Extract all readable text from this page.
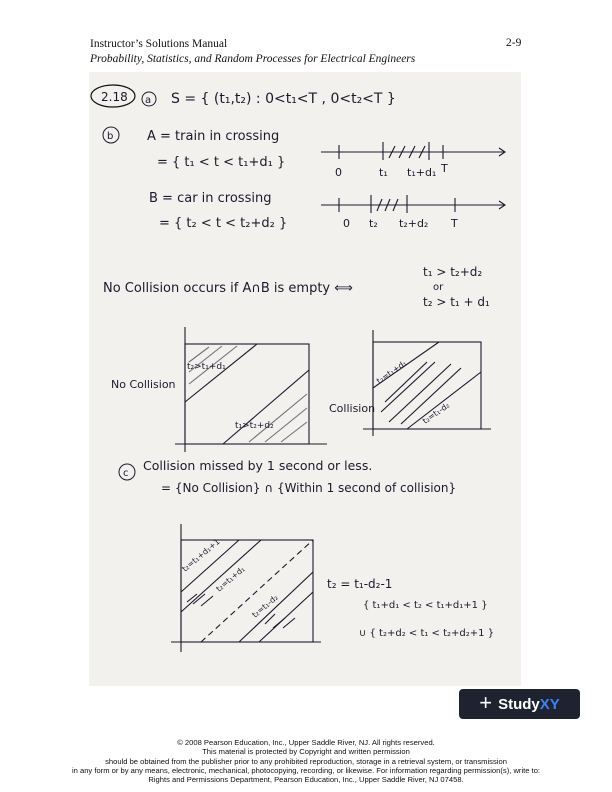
Instructor’s Solutions Manual
Probability, Statistics, and Random Processes for Electrical Engineers
2-9
2.18 a S = { (t₁,t₂) : 0<t₁<T , 0<t₂<T }
b	A = train in crossing
= { t₁ < t < t₁+d₁ }
0	t₁ t₁+d₁ T
B = car in crossing
= { t₂ < t < t₂+d₂ }	0 t₂ t₂+d₂ T
No Collision occurs if A∩B is empty ⟺
t₁ > t₂+d₂
or
t₂ > t₁ + d₁
t₂>t₁+d₁
t₁>t₂+d₂
No Collision	t₂=t₁+d₁
t₂=t₁-d₂
Collision
c
Collision missed by 1 second or less.
= {No Collision} ∩ {Within 1 second of collision}
t₂=t₁+d₁+1
t₂=t₁+d₁
t₂=t₁-d₂
t₂ = t₁-d₂-1
{ t₁+d₁ < t₂ < t₁+d₁+1 }
∪ { t₂+d₂ < t₁ < t₂+d₂+1 }
+ StudyXY
© 2008 Pearson Education, Inc., Upper Saddle River, NJ. All rights reserved.
This material is protected by Copyright and written permission
should be obtained from the publisher prior to any prohibited reproduction, storage in a retrieval system, or transmission
in any form or by any means, electronic, mechanical, photocopying, recording, or likewise. For information regarding permission(s), write to:
Rights and Permissions Department, Pearson Education, Inc., Upper Saddle River, NJ 07458.
